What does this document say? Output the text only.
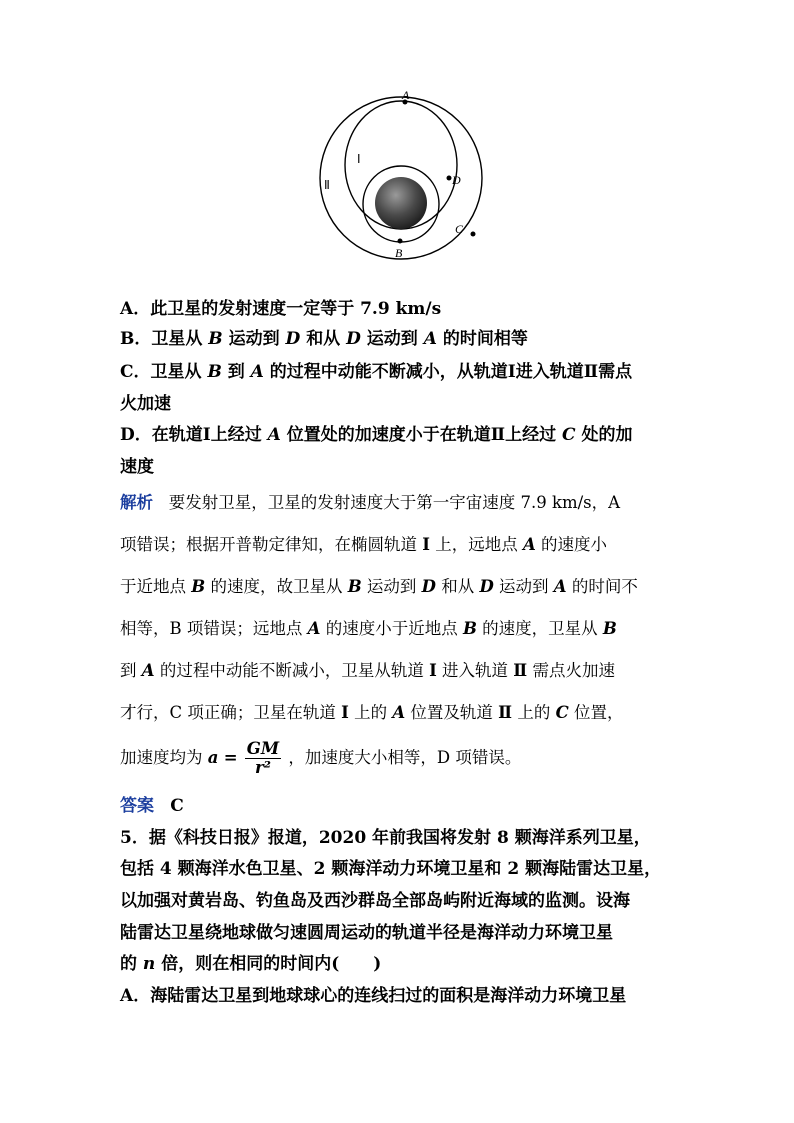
A
D
B
C
Ⅰ
Ⅱ
A．此卫星的发射速度一定等于 7.9 km/s
B．卫星从 B 运动到 D 和从 D 运动到 A 的时间相等
C．卫星从 B 到 A 的过程中动能不断减小，从轨道Ⅰ进入轨道Ⅱ需点
火加速
D．在轨道Ⅰ上经过 A 位置处的加速度小于在轨道Ⅱ上经过 C 处的加
速度
解析 要发射卫星，卫星的发射速度大于第一宇宙速度 7.9 km/s，A
项错误；根据开普勒定律知，在椭圆轨道 Ⅰ 上，远地点 A 的速度小
于近地点 B 的速度，故卫星从 B 运动到 D 和从 D 运动到 A 的时间不
相等，B 项错误；远地点 A 的速度小于近地点 B 的速度，卫星从 B
到 A 的过程中动能不断减小，卫星从轨道 Ⅰ 进入轨道 Ⅱ 需点火加速
才行，C 项正确；卫星在轨道 Ⅰ 上的 A 位置及轨道 Ⅱ 上的 C 位置，
加速度均为 $a = \frac{GM}{\text{r²}}$ ，加速度大小相等，D 项错误。
答案 C
5．据《科技日报》报道，2020 年前我国将发射 8 颗海洋系列卫星，
包括 4 颗海洋水色卫星、2 颗海洋动力环境卫星和 2 颗海陆雷达卫星，
以加强对黄岩岛、钓鱼岛及西沙群岛全部岛屿附近海域的监测。设海
陆雷达卫星绕地球做匀速圆周运动的轨道半径是海洋动力环境卫星
的 n 倍，则在相同的时间内(　　)
A．海陆雷达卫星到地球球心的连线扫过的面积是海洋动力环境卫星
